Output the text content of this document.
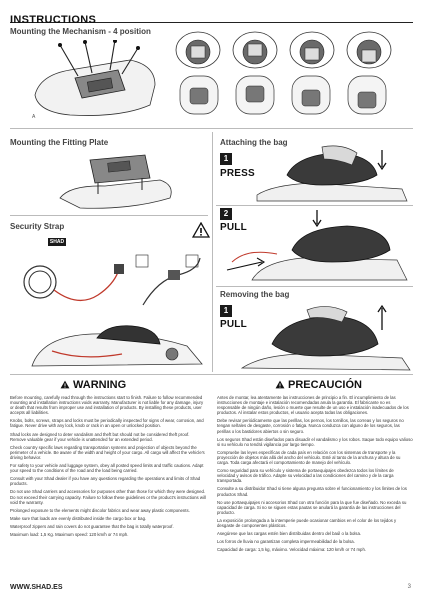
INSTRUCTIONS
Mounting the Mechanism - 4 position
A
Mounting the Fitting Plate
Security Strap
SHAD
Attaching the bag
1
PRESS
2
PULL
Removing the bag
1
PULL
WARNING	PRECAUCIÓN

Before mounting, carefully read through the instructions start to finish. Failure to follow recommended mounting and installation instructions voids warranty. Manufacturer is not liable for any damage, injury or death that results from improper use and installation of products. By installing these products, user accepts all liabilities.

Knobs, bolts, screws, straps and locks must be periodically inspected for signs of wear, corrosion, and fatigue. Never drive with any lock, knob or rack in an open or unlocked position.

Shad locks are designed to deter vandalism and theft but should not be considered theft proof. Remove valuable gear if your vehicle is unattended for an extended period.

Check country specific laws regarding transportation systems and projection of objects beyond the perimeter of a vehicle. Be aware of the width and height of your cargo. All cargo will affect the vehicle's driving behavior.

For safety to your vehicle and luggage system, obey all posted speed limits and traffic cautions. Adapt your speed to the conditions of the road and the load being carried.

Consult with your Shad dealer if you have any questions regarding the operations and limits of Shad products.

Do not use Shad carriers and accessories for purposes other than those for which they were designed. Do not exceed their carrying capacity. Failure to follow these guidelines or the product's instructions will void the warranty.

Prolonged exposure to the elements might discolor fabrics and wear away plastic components.

Make sure that loads are evenly distributed inside the cargo box or bag.

Waterproof zippers and rain covers do not guarantee that the bag is totally waterproof.

Maximum load: 1,5 Kg. Maximum speed: 120 km/h or 74 mph.

Antes de montar, lea atentamente las instrucciones de principio a fin. El incumplimiento de las instrucciones de montaje e instalación recomendadas anula la garantía. El fabricante no es responsable de ningún daño, lesión o muerte que resulte de un uso e instalación inadecuados de los productos. Al instalar estos productos, el usuario acepta todas las obligaciones.

Debe revisar periódicamente que las perillas, los pernos, los tornillos, las correas y los seguros no tengan señales de desgaste, corrosión o fatiga. Nunca conduzca con alguno de los seguros, las perillas o los bastidores abiertos o sin seguro.

Los seguros Shad están diseñados para disuadir el vandalismo y los robos. Saque todo equipo valioso si su vehículo no tendrá vigilancia por largo tiempo.

Compruebe las leyes específicas de cada país en relación con los sistemas de transporte y la proyección de objetos más allá del ancho del vehículo. Esté al tanto de la anchura y altura de su carga. Toda carga afectará el comportamiento de manejo del vehículo.

Como seguridad para su vehículo y sistema de portaequipajes obedezca todos los límites de velocidad y avisos de tráfico. Adapte su velocidad a las condiciones del camino y de la carga transportada.

Consulte a su distribuidor Shad si tiene alguna pregunta sobre el funcionamiento y los límites de los productos Shad.

No use portaequipajes ni accesorios Shad con otra función para la que fue diseñado. No exceda su capacidad de carga. Si no se siguen estas pautas se anulará la garantía de las instrucciones del producto.

La exposición prolongada a la intemperie puede ocasionar cambios en el color de los tejidos y desgaste de componentes plásticos.

Asegúrese que las cargas estén bien distribuidas dentro del baúl o la bolsa.

Los forros de lluvia no garantizan completa impermeabilidad de la bolsa.

Capacidad de carga: 1,5 kg, máximo. Velocidad máxima: 120 km/h or 74 mph.

WWW.SHAD.ES	3
